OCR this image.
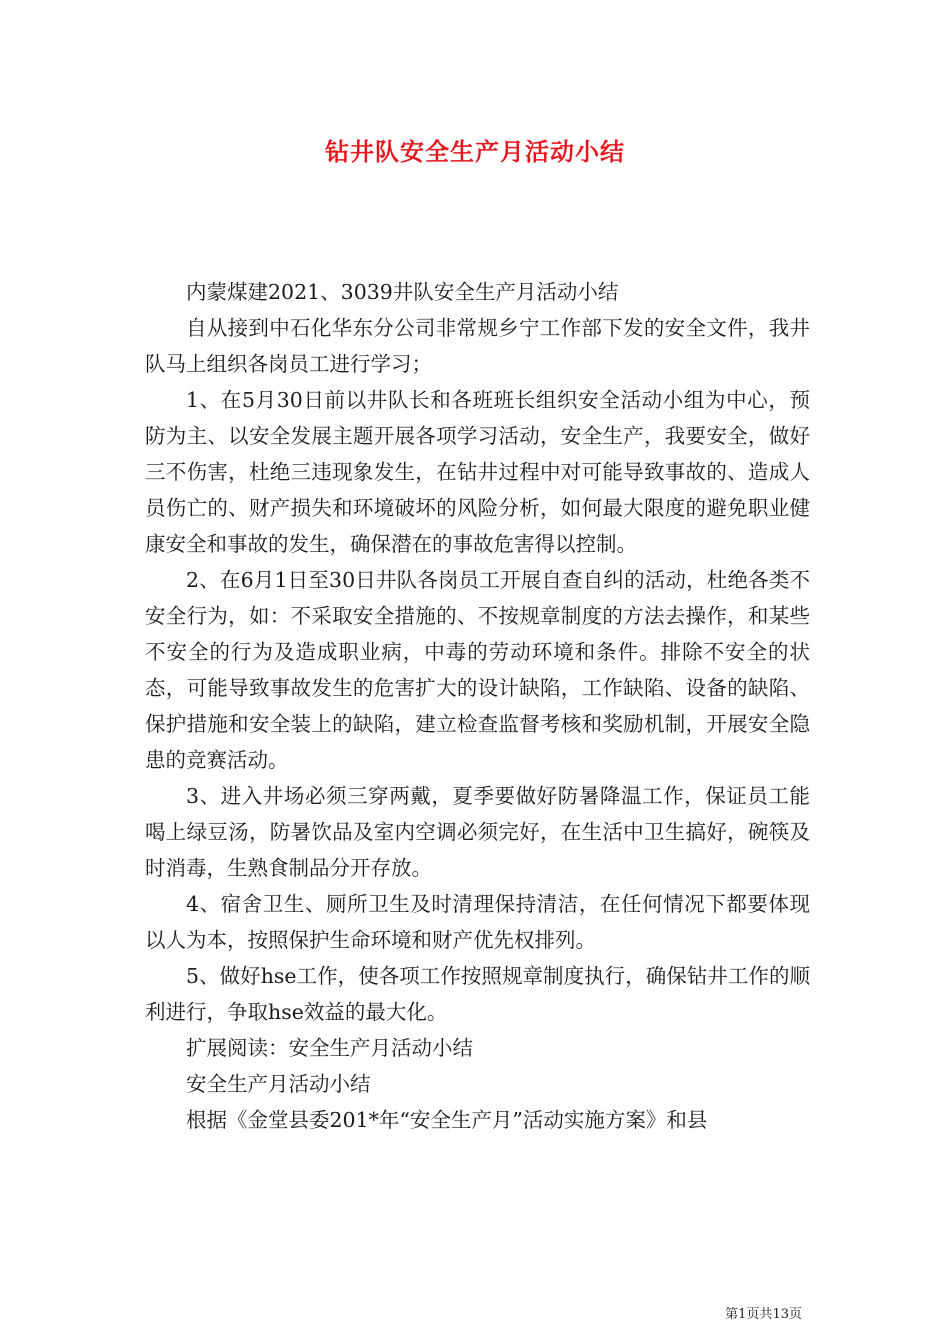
钻井队安全生产月活动小结

内蒙煤建2021、3039井队安全生产月活动小结

自从接到中石化华东分公司非常规乡宁工作部下发的安全文件，我井队马上组织各岗员工进行学习；

1、在5月30日前以井队长和各班班长组织安全活动小组为中心，预防为主、以安全发展主题开展各项学习活动，安全生产，我要安全，做好三不伤害，杜绝三违现象发生，在钻井过程中对可能导致事故的、造成人员伤亡的、财产损失和环境破坏的风险分析，如何最大限度的避免职业健康安全和事故的发生，确保潜在的事故危害得以控制。

2、在6月1日至30日井队各岗员工开展自查自纠的活动，杜绝各类不安全行为，如：不采取安全措施的、不按规章制度的方法去操作，和某些不安全的行为及造成职业病，中毒的劳动环境和条件。排除不安全的状态，可能导致事故发生的危害扩大的设计缺陷，工作缺陷、设备的缺陷、保护措施和安全装上的缺陷，建立检查监督考核和奖励机制，开展安全隐患的竞赛活动。

3、进入井场必须三穿两戴，夏季要做好防暑降温工作，保证员工能喝上绿豆汤，防暑饮品及室内空调必须完好，在生活中卫生搞好，碗筷及时消毒，生熟食制品分开存放。

4、宿舍卫生、厕所卫生及时清理保持清洁，在任何情况下都要体现以人为本，按照保护生命环境和财产优先权排列。

5、做好hse工作，使各项工作按照规章制度执行，确保钻井工作的顺利进行，争取hse效益的最大化。

扩展阅读：安全生产月活动小结

安全生产月活动小结

根据《金堂县委201*年“安全生产月”活动实施方案》和县

第1页共13页
